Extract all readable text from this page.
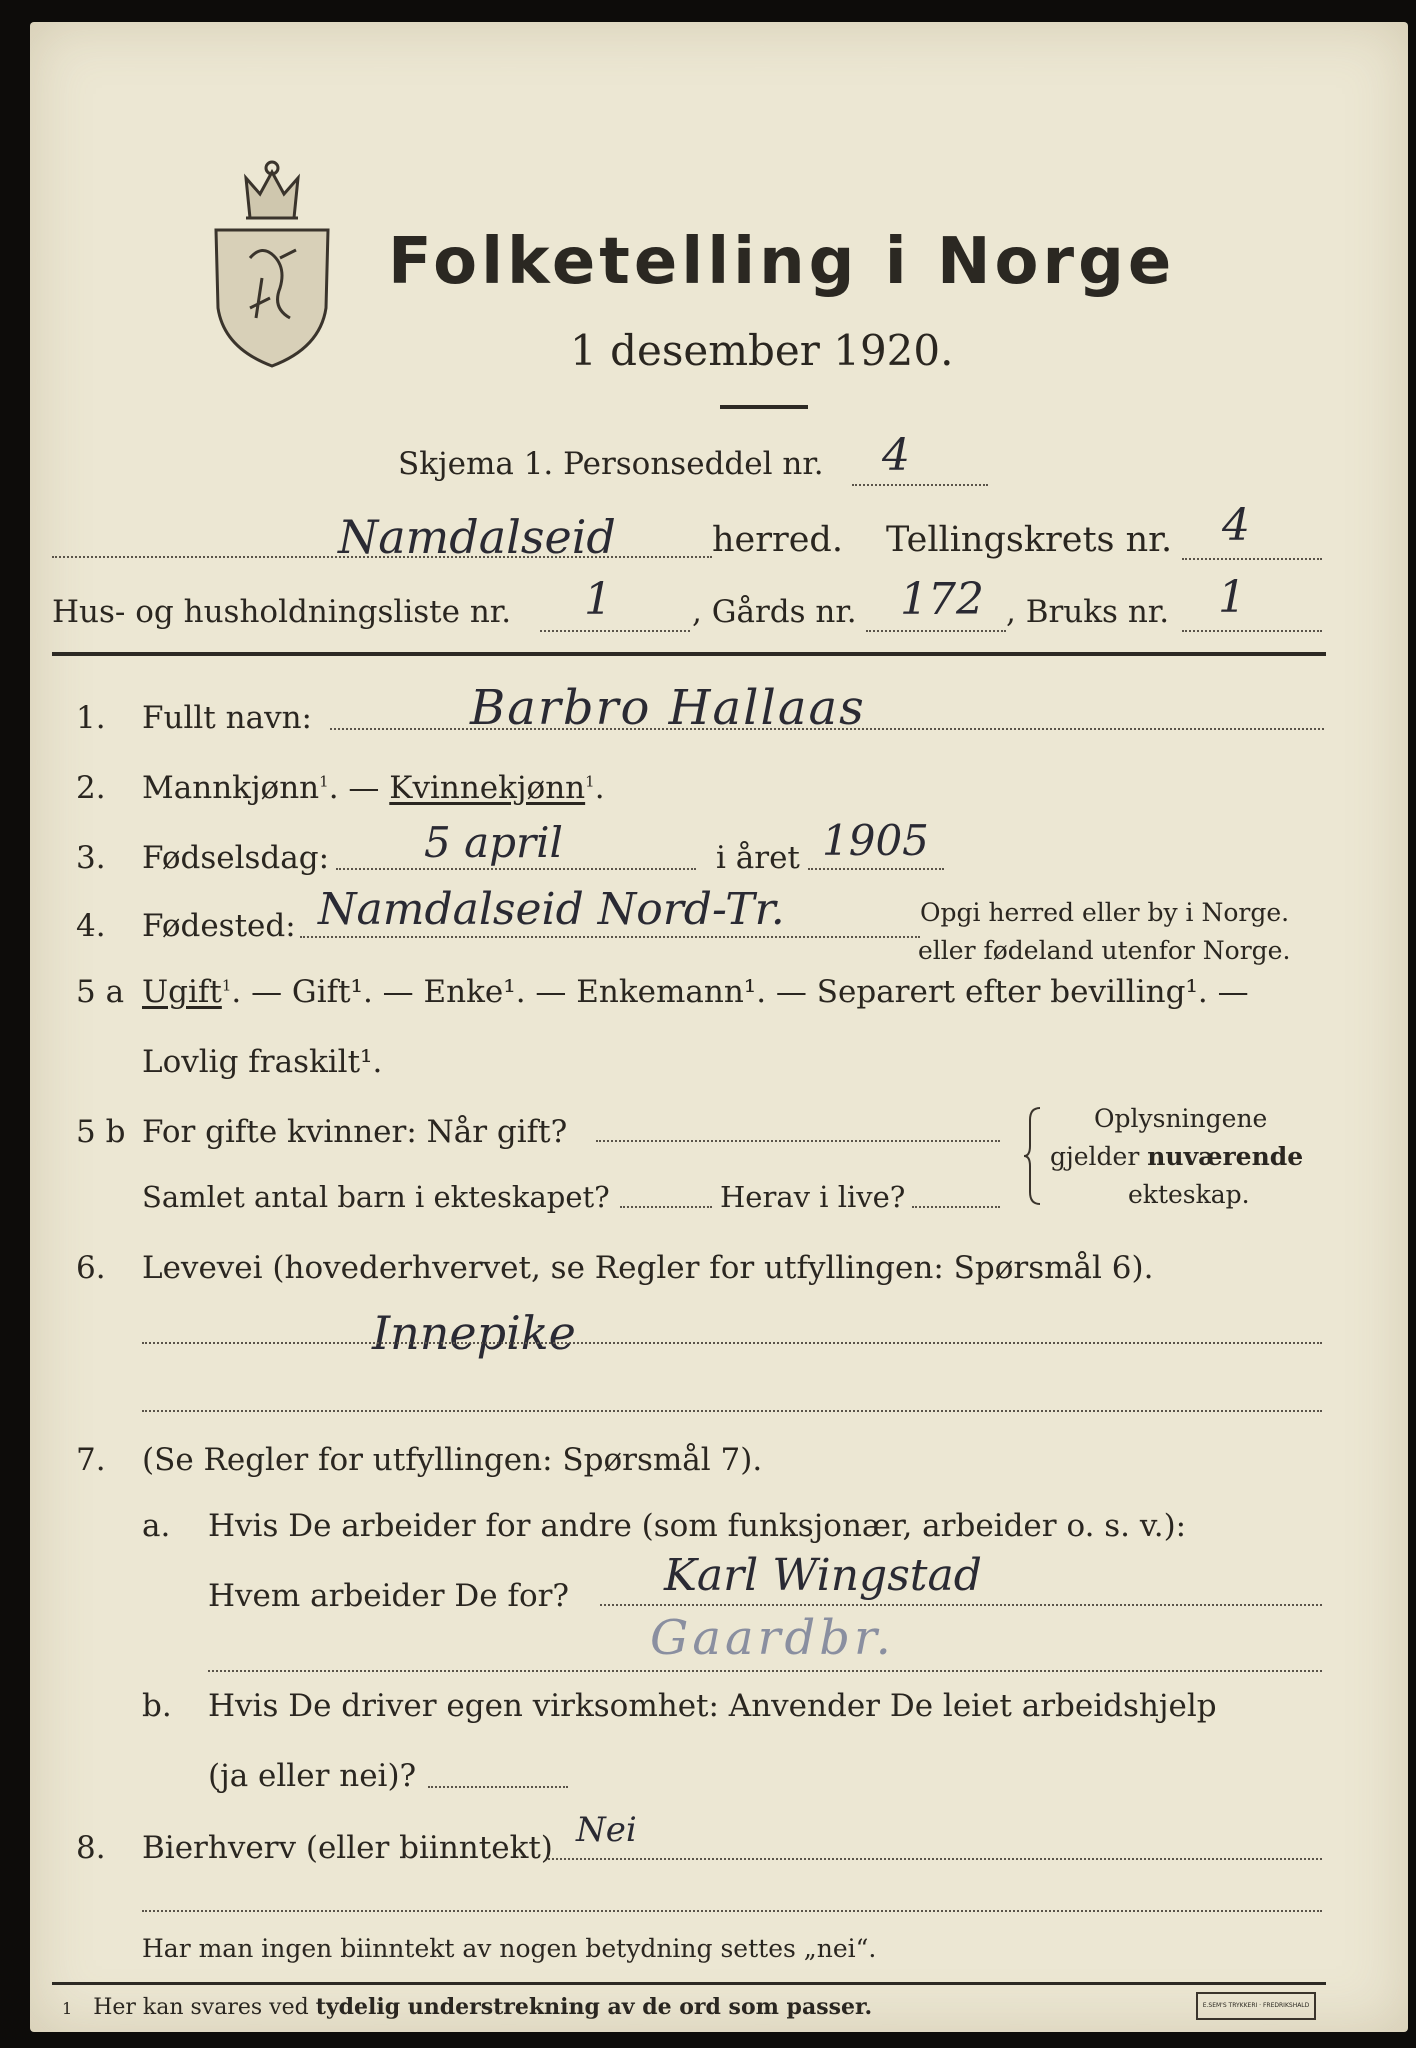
Folketelling i Norge
1 desember 1920.
Skjema 1. Personseddel nr. 4
Namdalseid	herred. Tellingskrets nr. 4
Hus- og husholdningsliste nr. 1	, Gårds nr. 172 , Bruks nr. 1
1. Fullt navn:	Barbro Hallaas
2. Mannkjønn$^1$. — Kvinnekjønn$^1$.
3. Fødselsdag: 5 april	i året 1905
4. Fødested: Namdalseid Nord-Tr.	Opgi herred eller by i Norge.
eller fødeland utenfor Norge.
5 a Ugift$^1$. — Gift¹. — Enke¹. — Enkemann¹. — Separert efter bevilling¹. —
Lovlig fraskilt¹.
5 b For gifte kvinner: Når gift?
Samlet antal barn i ekteskapet?	Herav i live?
Oplysningene
gjelder nuværende
ekteskap.
6. Levevei (hovederhvervet, se Regler for utfyllingen: Spørsmål 6).
Innepike
7. (Se Regler for utfyllingen: Spørsmål 7).
a. Hvis De arbeider for andre (som funksjonær, arbeider o. s. v.):
Hvem arbeider De for? Karl Wingstad
Gaardbr.
b. Hvis De driver egen virksomhet: Anvender De leiet arbeidshjelp
(ja eller nei)?
8. Bierhverv (eller biinntekt) Nei
Har man ingen biinntekt av nogen betydning settes „nei“.
1 Her kan svares ved tydelig understrekning av de ord som passer.	E.SEM'S TRYKKERI · FREDRIKSHALD
